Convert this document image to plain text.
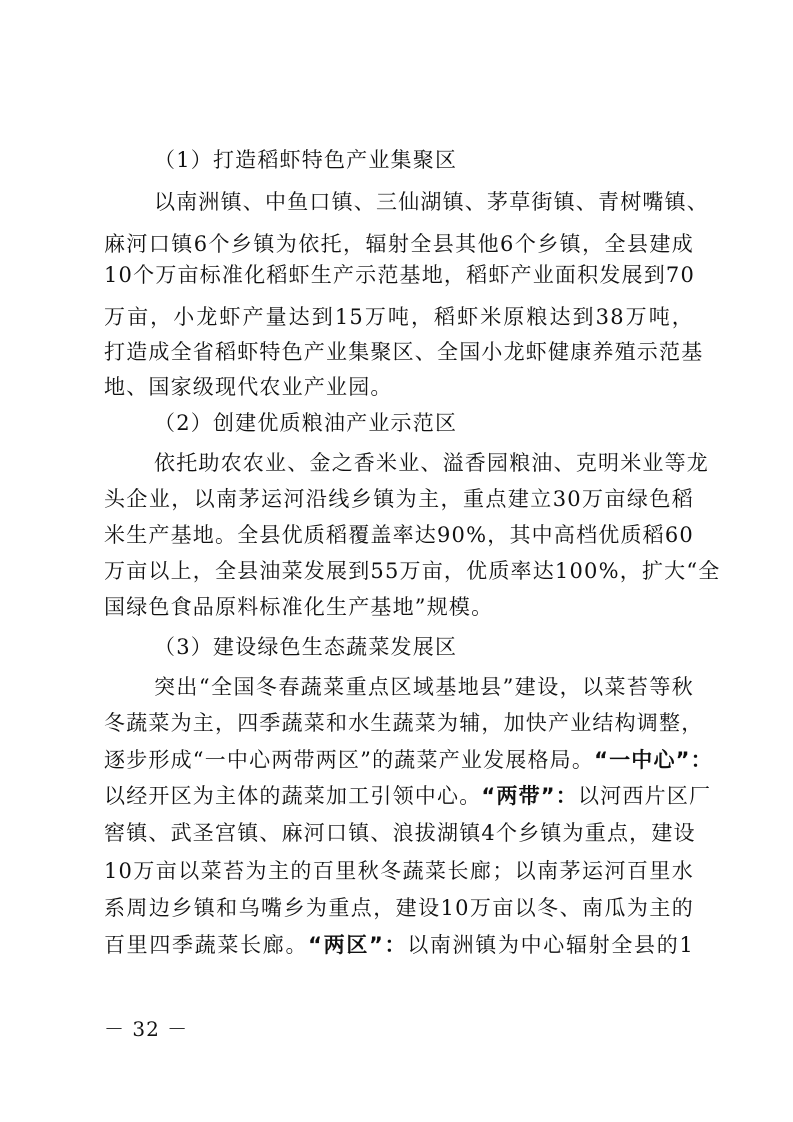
（1）打造稻虾特色产业集聚区
以南洲镇、中鱼口镇、三仙湖镇、茅草街镇、青树嘴镇、
麻河口镇6个乡镇为依托，辐射全县其他6个乡镇，全县建成
10个万亩标准化稻虾生产示范基地，稻虾产业面积发展到70
万亩，小龙虾产量达到15万吨，稻虾米原粮达到38万吨，
打造成全省稻虾特色产业集聚区、全国小龙虾健康养殖示范基
地、国家级现代农业产业园。
（2）创建优质粮油产业示范区
依托助农农业、金之香米业、溢香园粮油、克明米业等龙
头企业，以南茅运河沿线乡镇为主，重点建立30万亩绿色稻
米生产基地。全县优质稻覆盖率达90%，其中高档优质稻60
万亩以上，全县油菜发展到55万亩，优质率达100%，扩大“全
国绿色食品原料标准化生产基地”规模。
（3）建设绿色生态蔬菜发展区
突出“全国冬春蔬菜重点区域基地县”建设，以菜苔等秋
冬蔬菜为主，四季蔬菜和水生蔬菜为辅，加快产业结构调整，
逐步形成“一中心两带两区”的蔬菜产业发展格局。“一中心”：
以经开区为主体的蔬菜加工引领中心。“两带”：以河西片区厂
窖镇、武圣宫镇、麻河口镇、浪拔湖镇4个乡镇为重点，建设
10万亩以菜苔为主的百里秋冬蔬菜长廊；以南茅运河百里水
系周边乡镇和乌嘴乡为重点，建设10万亩以冬、南瓜为主的
百里四季蔬菜长廊。“两区”：以南洲镇为中心辐射全县的1
－ 32 －
